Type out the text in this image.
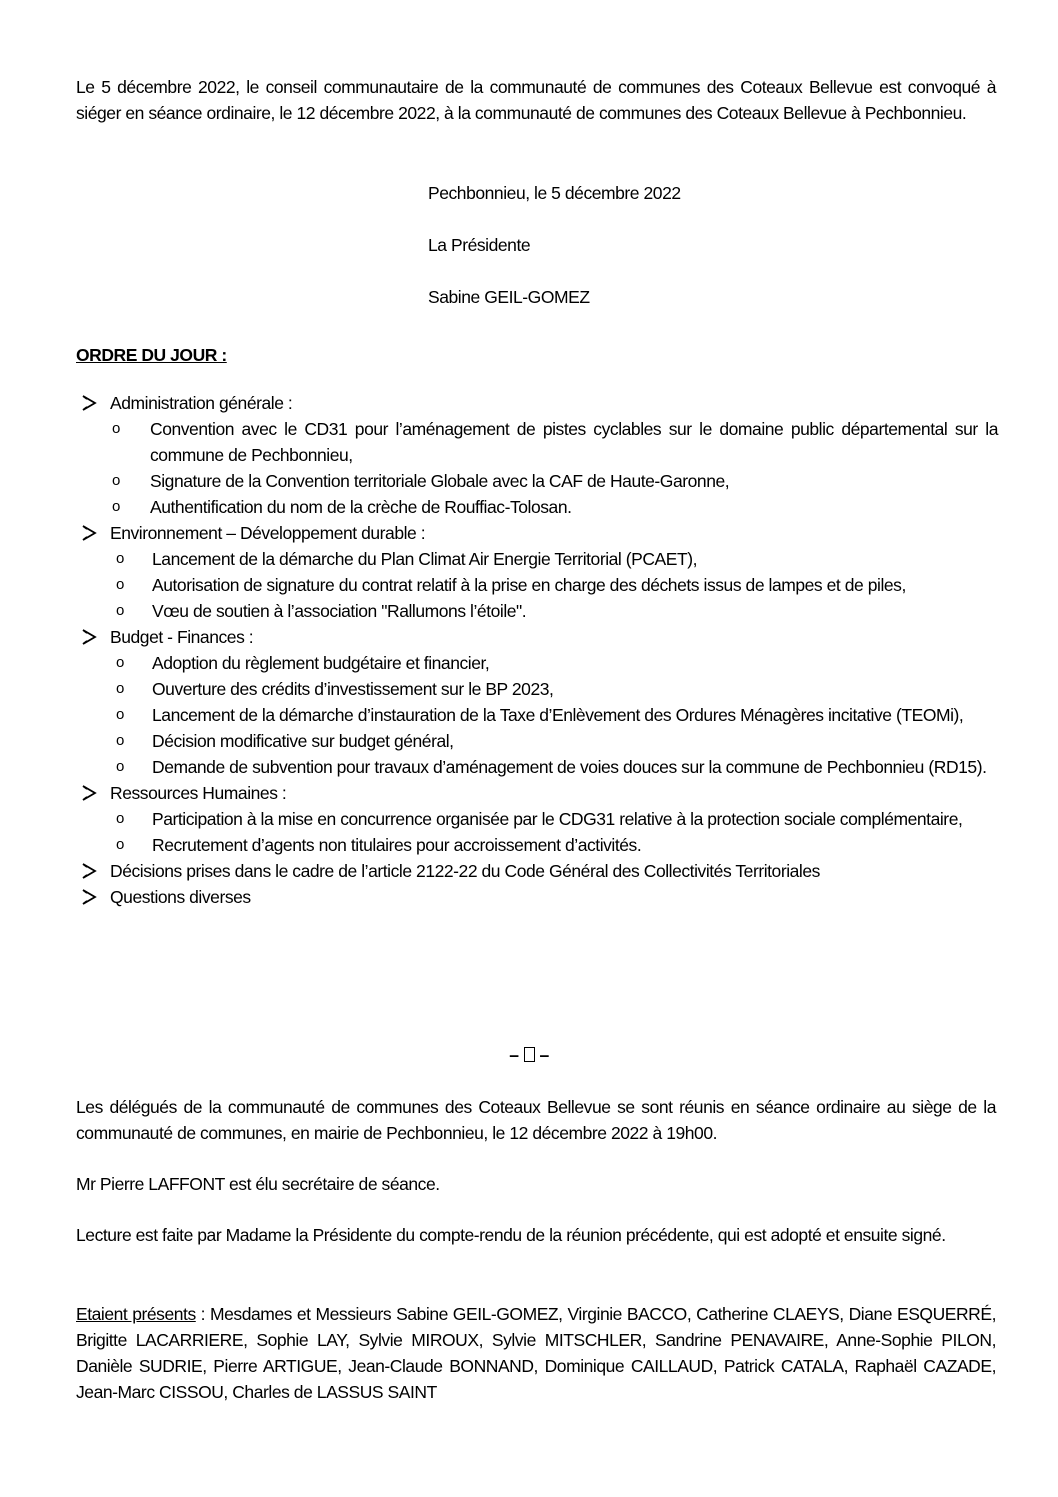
Le 5 décembre 2022, le conseil communautaire de la communauté de communes des Coteaux Bellevue est convoqué à siéger en séance ordinaire, le 12 décembre 2022, à la communauté de communes des Coteaux Bellevue à Pechbonnieu.

Pechbonnieu, le 5 décembre 2022

La Présidente

Sabine GEIL-GOMEZ

ORDRE DU JOUR :

Administration générale :
o Convention avec le CD31 pour l’aménagement de pistes cyclables sur le domaine public départemental sur la commune de Pechbonnieu,
o Signature de la Convention territoriale Globale avec la CAF de Haute-Garonne,
o Authentification du nom de la crèche de Rouffiac-Tolosan.
Environnement – Développement durable :
o Lancement de la démarche du Plan Climat Air Energie Territorial (PCAET),
o Autorisation de signature du contrat relatif à la prise en charge des déchets issus de lampes et de piles,
o Vœu de soutien à l’association "Rallumons l’étoile".
Budget - Finances :
o Adoption du règlement budgétaire et financier,
o Ouverture des crédits d’investissement sur le BP 2023,
o Lancement de la démarche d’instauration de la Taxe d’Enlèvement des Ordures Ménagères incitative (TEOMi),
o Décision modificative sur budget général,
o Demande de subvention pour travaux d’aménagement de voies douces sur la commune de Pechbonnieu (RD15).
Ressources Humaines :
o Participation à la mise en concurrence organisée par le CDG31 relative à la protection sociale complémentaire,
o Recrutement d’agents non titulaires pour accroissement d’activités.
Décisions prises dans le cadre de l’article 2122-22 du Code Général des Collectivités Territoriales
Questions diverses
– –

Les délégués de la communauté de communes des Coteaux Bellevue se sont réunis en séance ordinaire au siège de la communauté de communes, en mairie de Pechbonnieu, le 12 décembre 2022 à 19h00.

Mr Pierre LAFFONT est élu secrétaire de séance.

Lecture est faite par Madame la Présidente du compte-rendu de la réunion précédente, qui est adopté et ensuite signé.

Etaient présents : Mesdames et Messieurs Sabine GEIL-GOMEZ, Virginie BACCO, Catherine CLAEYS, Diane ESQUERRÉ, Brigitte LACARRIERE, Sophie LAY, Sylvie MIROUX, Sylvie MITSCHLER, Sandrine PENAVAIRE, Anne-Sophie PILON, Danièle SUDRIE, Pierre ARTIGUE, Jean-Claude BONNAND, Dominique CAILLAUD, Patrick CATALA, Raphaël CAZADE, Jean-Marc CISSOU, Charles de LASSUS SAINT
